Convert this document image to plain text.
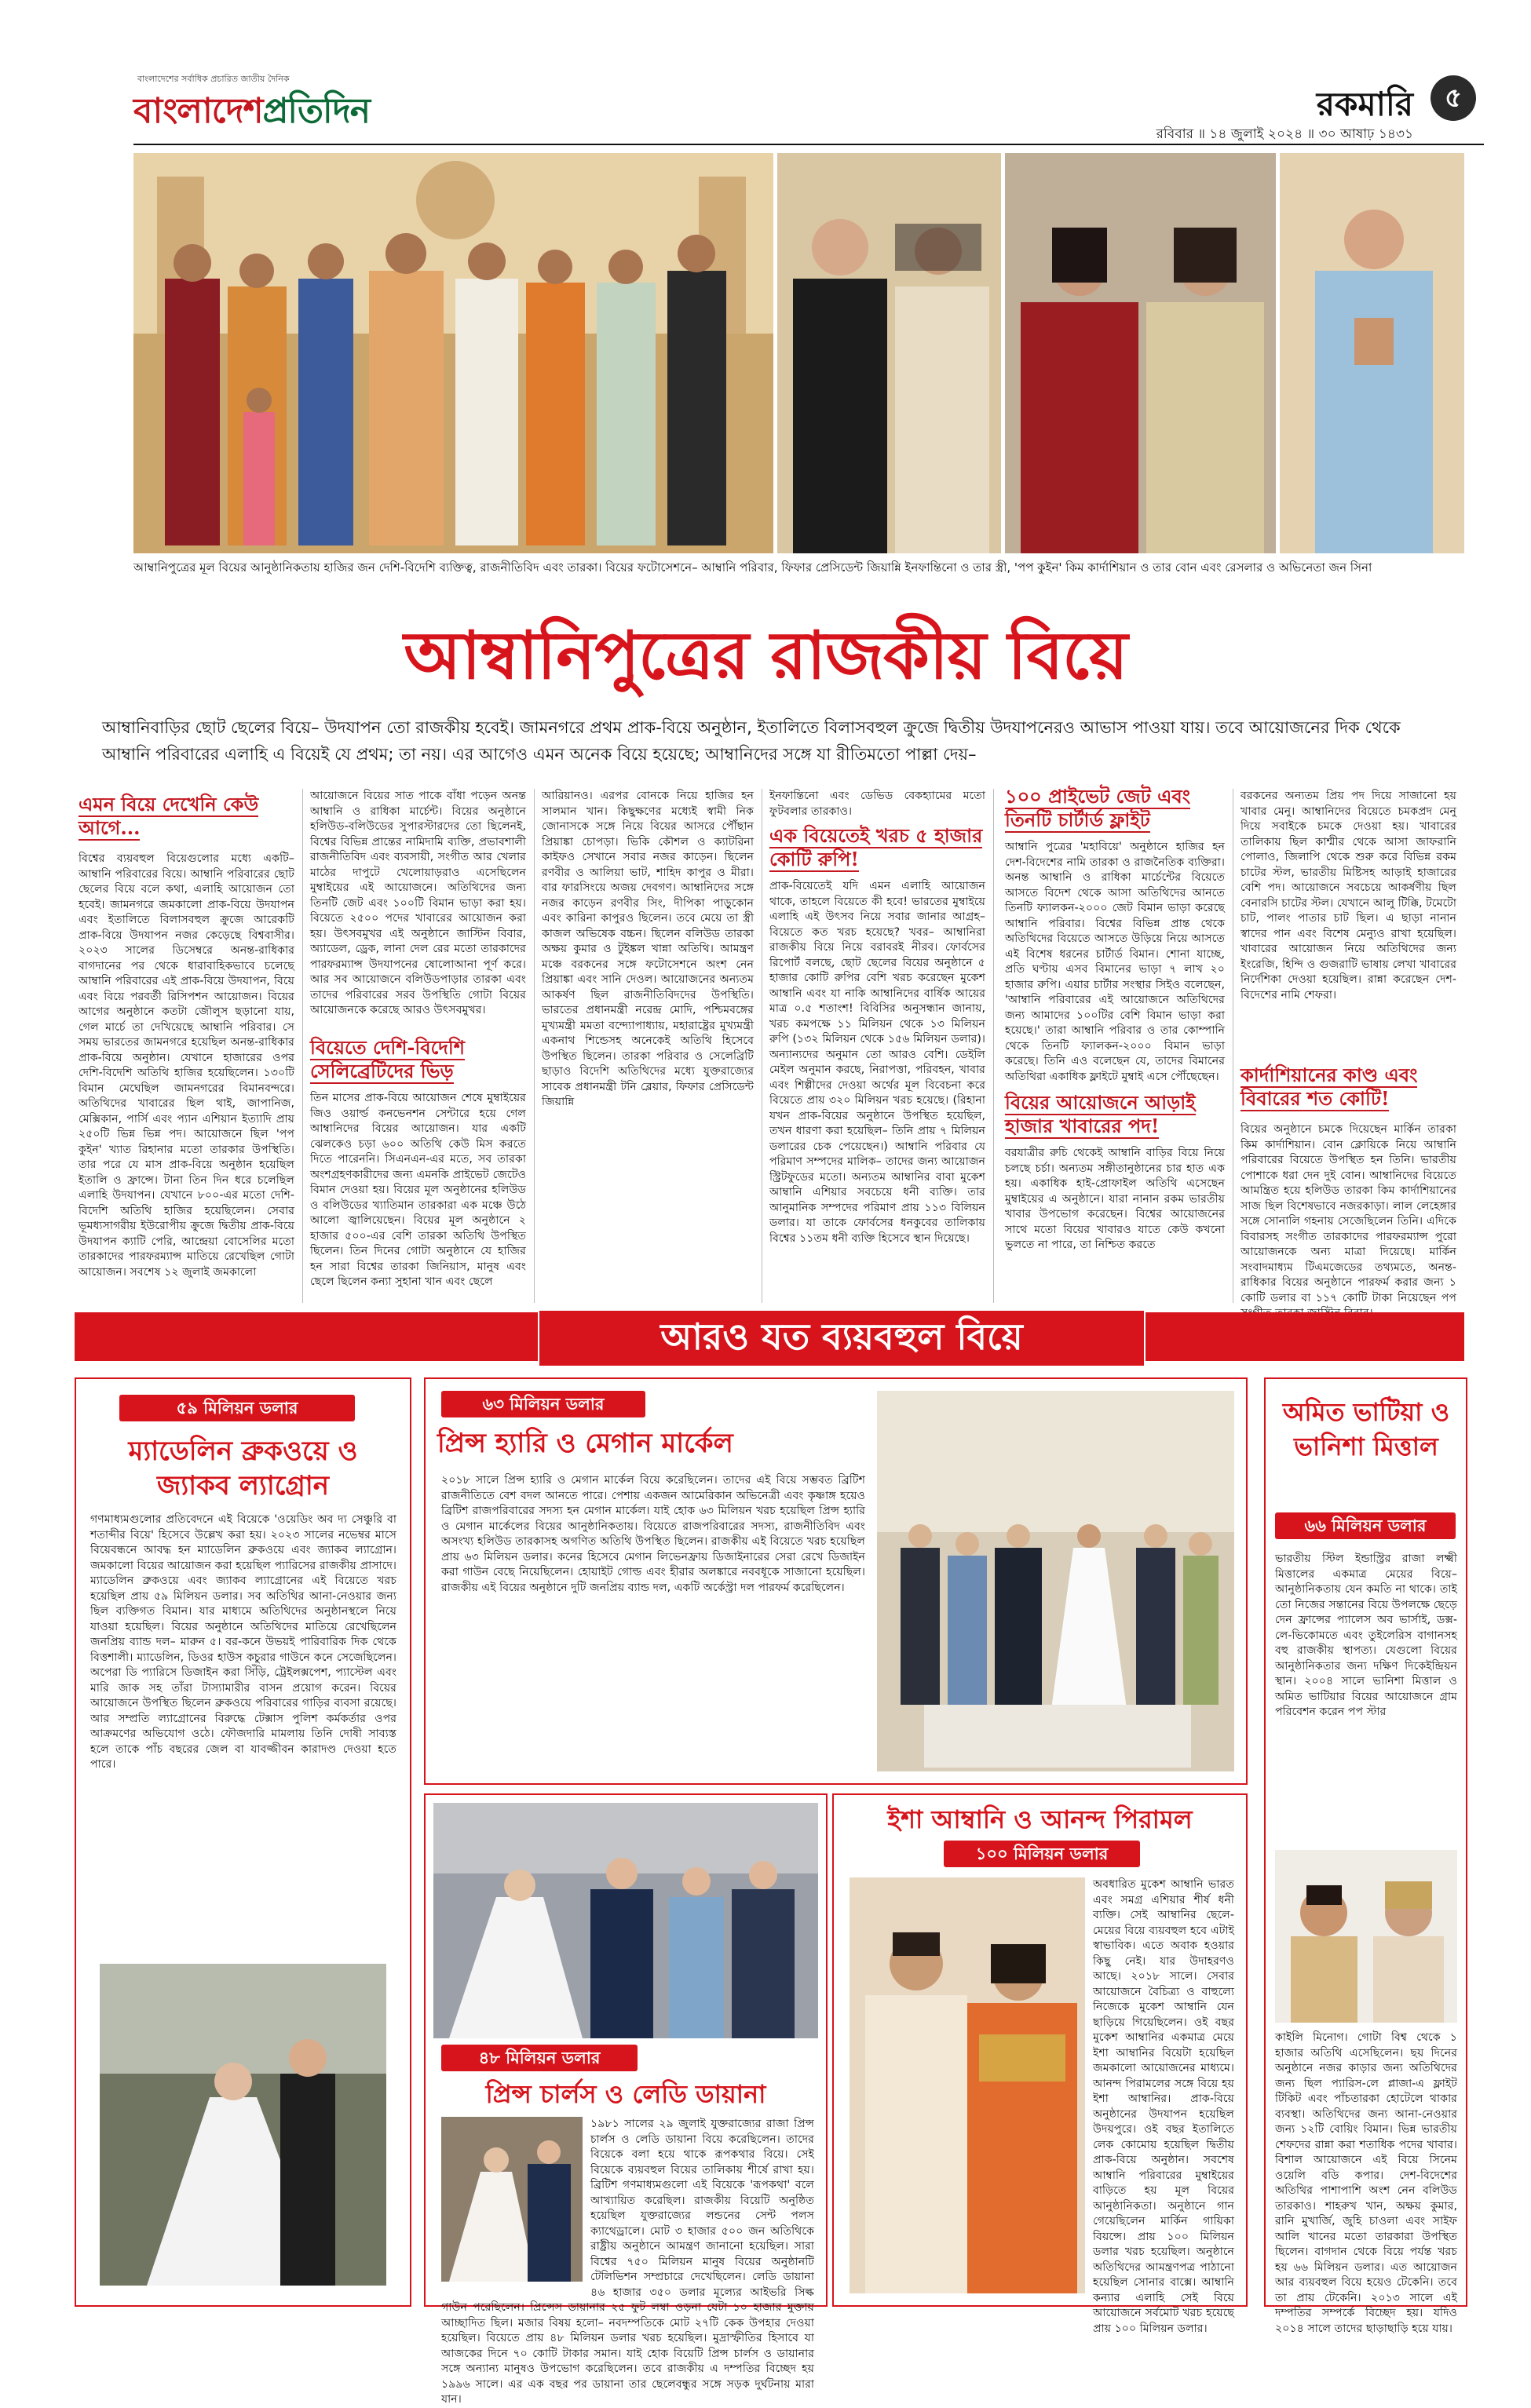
বাংলাদেশের সর্বাধিক প্রচারিত জাতীয় দৈনিক
বাংলাদেশপ্রতিদিন	রকমারি	৫
রবিবার ॥ ১৪ জুলাই ২০২৪ ॥ ৩০ আষাঢ় ১৪৩১
আম্বানিপুত্রের মূল বিয়ের আনুষ্ঠানিকতায় হাজির জন দেশি-বিদেশি ব্যক্তিত্ব, রাজনীতিবিদ এবং তারকা। বিয়ের ফটোসেশনে– আম্বানি পরিবার, ফিফার প্রেসিডেন্ট জিয়ান্নি ইনফান্তিনো ও তার স্ত্রী, 'পপ কুইন' কিম কার্দাশিয়ান ও তার বোন এবং রেসলার ও অভিনেতা জন সিনা
আম্বানিপুত্রের রাজকীয় বিয়ে
আম্বানিবাড়ির ছোট ছেলের বিয়ে– উদযাপন তো রাজকীয় হবেই। জামনগরে প্রথম প্রাক-বিয়ে অনুষ্ঠান, ইতালিতে বিলাসবহুল ক্রুজে দ্বিতীয় উদযাপনেরও আভাস পাওয়া যায়। তবে আয়োজনের দিক থেকে আম্বানি পরিবারের এলাহি এ বিয়েই যে প্রথম; তা নয়। এর আগেও এমন অনেক বিয়ে হয়েছে; আম্বানিদের সঙ্গে যা রীতিমতো পাল্লা দেয়–
এমন বিয়ে দেখেনি কেউ আগে...
বিশ্বের ব্যয়বহুল বিয়েগুলোর মধ্যে একটি– আম্বানি পরিবারের বিয়ে। আম্বানি পরিবারের ছোট ছেলের বিয়ে বলে কথা, এলাহি আয়োজন তো হবেই। জামনগরে জমকালো প্রাক-বিয়ে উদযাপন এবং ইতালিতে বিলাসবহুল ক্রুজে আরেকটি প্রাক-বিয়ে উদযাপন নজর কেড়েছে বিশ্ববাসীর। ২০২৩ সালের ডিসেম্বরে অনন্ত-রাধিকার বাগদানের পর থেকে ধারাবাহিকভাবে চলেছে আম্বানি পরিবারের এই প্রাক-বিয়ে উদযাপন, বিয়ে এবং বিয়ে পরবর্তী রিসিপশন আয়োজন। বিয়ের আগের অনুষ্ঠানে কতটা জৌলুস ছড়ানো যায়, গেল মার্চে তা দেখিয়েছে আম্বানি পরিবার। সে সময় ভারতের জামনগরে হয়েছিল অনন্ত-রাধিকার প্রাক-বিয়ে অনুষ্ঠান। যেখানে হাজারের ওপর দেশি-বিদেশি অতিথি হাজির হয়েছিলেন। ১৩০টি বিমান মেঘেছিল জামনগরের বিমানবন্দরে। অতিথিদের খাবারের ছিল থাই, জাপানিজ, মেক্সিকান, পার্সি এবং প্যান এশিয়ান ইত্যাদি প্রায় ২৫০টি ভিন্ন ভিন্ন পদ। আয়োজনে ছিল 'পপ কুইন' খ্যাত রিহানার মতো তারকার উপস্থিতি। তার পরে যে মাস প্রাক-বিয়ে অনুষ্ঠান হয়েছিল ইতালি ও ফ্রান্সে। টানা তিন দিন ধরে চলেছিল এলাহি উদযাপন। যেখানে ৮০০-এর মতো দেশি-বিদেশি অতিথি হাজির হয়েছিলেন। সেবার ভূমধ্যসাগরীয় ইউরোপীয় ক্রুজে দ্বিতীয় প্রাক-বিয়ে উদযাপন ক্যাটি পেরি, আন্দ্রেয়া বোসেলির মতো তারকাদের পারফরম্যান্স মাতিয়ে রেখেছিল গোটা আয়োজন। সবশেষ ১২ জুলাই জমকালো
আয়োজনে বিয়ের সাত পাকে বাঁধা পড়েন অনন্ত আম্বানি ও রাধিকা মার্চেন্ট। বিয়ের অনুষ্ঠানে হলিউড-বলিউডের সুপারস্টারদের তো ছিলেনই, বিশ্বের বিভিন্ন প্রান্তের নামিদামি ব্যক্তি, প্রভাবশালী রাজনীতিবিদ এবং ব্যবসায়ী, সংগীত আর খেলার মাঠের দাপুটে খেলোয়াড়রাও এসেছিলেন মুম্বাইয়ের এই আয়োজনে। অতিথিদের জন্য তিনটি জেট এবং ১০০টি বিমান ভাড়া করা হয়। বিয়েতে ২৫০০ পদের খাবারের আয়োজন করা হয়। উৎসবমুখর এই অনুষ্ঠানে জাস্টিন বিবার, অ্যাডেল, ড্রেক, লানা দেল রের মতো তারকাদের পারফরম্যান্স উদযাপনের ষোলোআনা পূর্ণ করে। আর সব আয়োজনে বলিউডপাড়ার তারকা এবং তাদের পরিবারের সরব উপস্থিতি গোটা বিয়ের আয়োজনকে করেছে আরও উৎসবমুখর।
বিয়েতে দেশি-বিদেশি সেলিব্রেটিদের ভিড়
তিন মাসের প্রাক-বিয়ে আয়োজন শেষে মুম্বাইয়ের জিও ওয়ার্ল্ড কনভেনশন সেন্টারে হয়ে গেল আম্বানিদের বিয়ের আয়োজন। যার একটি ঝেলকেও চড়া ৬০০ অতিথি কেউ মিস করতে দিতে পারেননি। সিএনএন-এর মতে, সব তারকা অংশগ্রহণকারীদের জন্য এমনকি প্রাইভেট জেটেও বিমান দেওয়া হয়। বিয়ের মূল অনুষ্ঠানের হলিউড ও বলিউডের খ্যাতিমান তারকারা এক মঞ্চে উঠে আলো জ্বালিয়েছেন। বিয়ের মূল অনুষ্ঠানে ২ হাজার ৫০০-এর বেশি তারকা অতিথি উপস্থিত ছিলেন। তিন দিনের গোটা অনুষ্ঠানে যে হাজির হন সারা বিশ্বের তারকা জিনিয়াস, মানুষ এবং ছেলে ছিলেন কন্যা সুহানা খান এবং ছেলে
আরিয়ানও। এরপর বোনকে নিয়ে হাজির হন সালমান খান। কিছুক্ষণের মধ্যেই স্বামী নিক জোনাসকে সঙ্গে নিয়ে বিয়ের আসরে পৌঁছান প্রিয়াঙ্কা চোপড়া। ভিকি কৌশল ও ক্যাটরিনা কাইফও সেখানে সবার নজর কাড়েন। ছিলেন রণবীর ও আলিয়া ভাট, শাহিদ কাপুর ও মীরা। বার ফারসিংয়ে অজয় দেবগণ। আম্বানিদের সঙ্গে নজর কাড়েন রণবীর সিং, দীপিকা পাড়ুকোন এবং কারিনা কাপুরও ছিলেন। তবে মেয়ে তা স্ত্রী কাজল অভিষেক বচ্চন। ছিলেন বলিউড তারকা অক্ষয় কুমার ও টুইঙ্কল খান্না অতিথি। আমন্ত্রণ মঞ্চে বরকনের সঙ্গে ফটোসেশনে অংশ নেন প্রিয়াঙ্কা এবং সানি দেওল। আয়োজনের অন্যতম আকর্ষণ ছিল রাজনীতিবিদদের উপস্থিতি। ভারতের প্রধানমন্ত্রী নরেন্দ্র মোদি, পশ্চিমবঙ্গের মুখ্যমন্ত্রী মমতা বন্দ্যোপাধ্যায়, মহারাষ্ট্রের মুখ্যমন্ত্রী একনাথ শিন্ডেসহ অনেকেই অতিথি হিসেবে উপস্থিত ছিলেন। তারকা পরিবার ও সেলেব্রিটি ছাড়াও বিদেশি অতিথিদের মধ্যে যুক্তরাজ্যের সাবেক প্রধানমন্ত্রী টনি ব্লেয়ার, ফিফার প্রেসিডেন্ট জিয়ান্নি
ইনফান্তিনো এবং ডেভিড বেকহ্যামের মতো ফুটবলার তারকাও।
এক বিয়েতেই খরচ ৫ হাজার কোটি রুপি!
প্রাক-বিয়েতেই যদি এমন এলাহি আয়োজন থাকে, তাহলে বিয়েতে কী হবে! ভারতের মুম্বাইয়ে এলাহি এই উৎসব নিয়ে সবার জানার আগ্রহ– বিয়েতে কত খরচ হয়েছে? খবর– আম্বানিরা রাজকীয় বিয়ে নিয়ে বরাবরই নীরব। ফোর্বসের রিপোর্ট বলছে, ছোট ছেলের বিয়ের অনুষ্ঠানে ৫ হাজার কোটি রুপির বেশি খরচ করেছেন মুকেশ আম্বানি এবং যা নাকি আম্বানিদের বার্ষিক আয়ের মাত্র ০.৫ শতাংশ! বিবিসির অনুসন্ধান জানায়, খরচ কমপক্ষে ১১ মিলিয়ন থেকে ১৩ মিলিয়ন রুপি (১৩২ মিলিয়ন থেকে ১৫৬ মিলিয়ন ডলার)। অন্যান্যদের অনুমান তো আরও বেশি। ডেইলি মেইল অনুমান করছে, নিরাপত্তা, পরিবহন, খাবার এবং শিল্পীদের দেওয়া অর্থের মূল বিবেচনা করে বিয়েতে প্রায় ৩২০ মিলিয়ন খরচ হয়েছে। (রিহানা যখন প্রাক-বিয়ের অনুষ্ঠানে উপস্থিত হয়েছিল, তখন ধারণা করা হয়েছিল– তিনি প্রায় ৭ মিলিয়ন ডলারের চেক পেয়েছেন।) আম্বানি পরিবার যে পরিমাণ সম্পদের মালিক– তাদের জন্য আয়োজন স্ট্রিটফুডের মতো। অন্যতম আম্বানির বাবা মুকেশ আম্বানি এশিয়ার সবচেয়ে ধনী ব্যক্তি। তার আনুমানিক সম্পদের পরিমাণ প্রায় ১১৩ বিলিয়ন ডলার। যা তাকে ফোর্বসের ধনকুবের তালিকায় বিশ্বের ১১তম ধনী ব্যক্তি হিসেবে স্থান দিয়েছে।
১০০ প্রাইভেট জেট এবং তিনটি চার্টার্ড ফ্লাইট
আম্বানি পুত্রের 'মহাবিয়ে' অনুষ্ঠানে হাজির হন দেশ-বিদেশের নামি তারকা ও রাজনৈতিক ব্যক্তিরা। অনন্ত আম্বানি ও রাধিকা মার্চেন্টের বিয়েতে আসতে বিদেশ থেকে আসা অতিথিদের আনতে তিনটি ফ্যালকন-২০০০ জেট বিমান ভাড়া করেছে আম্বানি পরিবার। বিশ্বের বিভিন্ন প্রান্ত থেকে অতিথিদের বিয়েতে আসতে উড়িয়ে নিয়ে আসতে এই বিশেষ ধরনের চার্টার্ড বিমান। শোনা যাচ্ছে, প্রতি ঘণ্টায় এসব বিমানের ভাড়া ৭ লাখ ২০ হাজার রুপি। এয়ার চার্টার সংস্থার সিইও বলেছেন, 'আম্বানি পরিবারের এই আয়োজনে অতিথিদের জন্য আমাদের ১০০টির বেশি বিমান ভাড়া করা হয়েছে।' তারা আম্বানি পরিবার ও তার কোম্পানি থেকে তিনটি ফ্যালকন-২০০০ বিমান ভাড়া করেছে। তিনি এও বলেছেন যে, তাদের বিমানের অতিথিরা একাধিক ফ্লাইটে মুম্বাই এসে পৌঁছেছেন।
বিয়ের আয়োজনে আড়াই হাজার খাবারের পদ!
বরযাত্রীর রুচি থেকেই আম্বানি বাড়ির বিয়ে নিয়ে চলছে চর্চা। অন্যতম সঙ্গীতানুষ্ঠানের চার হাত এক হয়। একাধিক হাই-প্রোফাইল অতিথি এসেছেন মুম্বাইয়ের এ অনুষ্ঠানে। যারা নানান রকম ভারতীয় খাবার উপভোগ করেছেন। বিশ্বের আয়োজনের সাথে মতো বিয়ের খাবারও যাতে কেউ কখনো ভুলতে না পারে, তা নিশ্চিত করতে
বরকনের অন্যতম প্রিয় পদ দিয়ে সাজানো হয় খাবার মেনু। আম্বানিদের বিয়েতে চমকপ্রদ মেনু দিয়ে সবাইকে চমকে দেওয়া হয়। খাবারের তালিকায় ছিল কাশ্মীর থেকে আসা জাফরানি পোলাও, জিলাপি থেকে শুরু করে বিভিন্ন রকম চাটের স্টল, ভারতীয় মিষ্টিসহ আড়াই হাজারের বেশি পদ। আয়োজনে সবচেয়ে আকর্ষণীয় ছিল বেনারসি চাটের স্টল। যেখানে আলু টিক্কি, টমেটো চাট, পালং পাতার চাট ছিল। এ ছাড়া নানান স্বাদের পান এবং বিশেষ মেন্যুও রাখা হয়েছিল। খাবারের আয়োজন নিয়ে অতিথিদের জন্য ইংরেজি, হিন্দি ও গুজরাটি ভাষায় লেখা খাবারের নির্দেশিকা দেওয়া হয়েছিল। রান্না করেছেন দেশ-বিদেশের নামি শেফরা।
কার্দাশিয়ানের কাণ্ড এবং বিবারের শত কোটি!
বিয়ের অনুষ্ঠানে চমকে দিয়েছেন মার্কিন তারকা কিম কার্দাশিয়ান। বোন ক্লোয়িকে নিয়ে আম্বানি পরিবারের বিয়েতে উপস্থিত হন তিনি। ভারতীয় পোশাকে ধরা দেন দুই বোন। আম্বানিদের বিয়েতে আমন্ত্রিত হয়ে হলিউড তারকা কিম কার্দাশিয়ানের সাজ ছিল বিশেষভাবে নজরকাড়া। লাল লেহেঙ্গার সঙ্গে সোনালি গহনায় সেজেছিলেন তিনি। এদিকে বিবারসহ সংগীত তারকাদের পারফরম্যান্স পুরো আয়োজনকে অন্য মাত্রা দিয়েছে। মার্কিন সংবাদমাধ্যম টিএমজেডের তথ্যমতে, অনন্ত-রাধিকার বিয়ের অনুষ্ঠানে পারফর্ম করার জন্য ১ কোটি ডলার বা ১১৭ কোটি টাকা নিয়েছেন পপ
আরও যত ব্যয়বহুল বিয়ে
৫৯ মিলিয়ন ডলার
ম্যাডেলিন ব্রুকওয়ে ও জ্যাকব ল্যাগ্রোন
গণমাধ্যমগুলোর প্রতিবেদনে এই বিয়েকে 'ওয়েডিং অব দ্য সেঞ্চুরি বা শতাব্দীর বিয়ে' হিসেবে উল্লেখ করা হয়। ২০২৩ সালের নভেম্বর মাসে বিয়েবন্ধনে আবদ্ধ হন ম্যাডেলিন ব্রুকওয়ে এবং জ্যাকব ল্যাগ্রোন। জমকালো বিয়ের আয়োজন করা হয়েছিল প্যারিসের রাজকীয় প্রাসাদে। ম্যাডেলিন ব্রুকওয়ে এবং জ্যাকব ল্যাগ্রোনের এই বিয়েতে খরচ হয়েছিল প্রায় ৫৯ মিলিয়ন ডলার। সব অতিথির আনা-নেওয়ার জন্য ছিল ব্যক্তিগত বিমান। যার মাধ্যমে অতিথিদের অনুষ্ঠানস্থলে নিয়ে যাওয়া হয়েছিল। বিয়ের অনুষ্ঠানে অতিথিদের মাতিয়ে রেখেছিলেন জনপ্রিয় ব্যান্ড দল– মারুন ৫। বর-কনে উভয়ই পারিবারিক দিক থেকে বিত্তশালী। ম্যাডেলিন, ডিওর হাউস কচুরার গাউনে কনে সেজেছিলেন। অপেরা ডি প্যারিসে ডিজাইন করা সিঁড়ি, ট্রেইলক্সপেশ, প্যাস্টেল এবং মারি জাক সহ তাঁরা টাস্যামারীর বাসন প্রয়োগ করেন। বিয়ের আয়োজনে উপস্থিত ছিলেন ব্রুকওয়ে পরিবারের গাড়ির ব্যবসা রয়েছে। আর সম্প্রতি ল্যাগ্রোনের বিরুদ্ধে টেক্সাস পুলিশ কর্মকর্তার ওপর আক্রমণের অভিযোগ ওঠে। ফৌজদারি মামলায় তিনি দোষী সাব্যস্ত হলে তাকে পাঁচ বছরের জেল বা যাবজ্জীবন কারাদণ্ড দেওয়া হতে পারে।
৬৩ মিলিয়ন ডলার
প্রিন্স হ্যারি ও মেগান মার্কেল
২০১৮ সালে প্রিন্স হ্যারি ও মেগান মার্কেল বিয়ে করেছিলেন। তাদের এই বিয়ে সম্ভবত ব্রিটিশ রাজনীতিতে বেশ বদল আনতে পারে। পেশায় একজন আমেরিকান অভিনেত্রী এবং কৃষ্ণাঙ্গ হয়েও ব্রিটিশ রাজপরিবারের সদস্য হন মেগান মার্কেল। যাই হোক ৬৩ মিলিয়ন খরচ হয়েছিল প্রিন্স হ্যারি ও মেগান মার্কেলের বিয়ের আনুষ্ঠানিকতায়। বিয়েতে রাজপরিবারের সদস্য, রাজনীতিবিদ এবং অসংখ্য হলিউড তারকাসহ অগণিত অতিথি উপস্থিত ছিলেন। রাজকীয় এই বিয়েতে খরচ হয়েছিল প্রায় ৬৩ মিলিয়ন ডলার। কনের হিসেবে মেগান লিভেনফ্রায় ডিজাইনারের সেরা রেখে ডিজাইন করা গাউন বেছে নিয়েছিলেন। হোয়াইট গোল্ড এবং হীরার অলঙ্কারে নববধূকে সাজানো হয়েছিল। রাজকীয় এই বিয়ের অনুষ্ঠানে দুটি জনপ্রিয় ব্যান্ড দল, একটি অর্কেস্ট্রা দল পারফর্ম করেছিলেন।
৪৮ মিলিয়ন ডলার
প্রিন্স চার্লস ও লেডি ডায়ানা
১৯৮১ সালের ২৯ জুলাই যুক্তরাজ্যের রাজা প্রিন্স চার্লস ও লেডি ডায়ানা বিয়ে করেছিলেন। তাদের বিয়েকে বলা হয়ে থাকে রূপকথার বিয়ে। সেই বিয়েকে ব্যয়বহুল বিয়ের তালিকায় শীর্ষে রাখা হয়। ব্রিটিশ গণমাধ্যমগুলো এই বিয়েকে 'রূপকথা' বলে আখ্যায়িত করেছিল। রাজকীয় বিয়েটি অনুষ্ঠিত হয়েছিল যুক্তরাজ্যের লন্ডনের সেন্ট পলস ক্যাথেড্রালে। মোট ৩ হাজার ৫০০ জন অতিথিকে রাষ্ট্রীয় অনুষ্ঠানে আমন্ত্রণ জানানো হয়েছিল। সারা বিশ্বের ৭৫০ মিলিয়ন মানুষ বিয়ের অনুষ্ঠানটি টেলিভিশন সম্প্রচারে দেখেছিলেন। লেডি ডায়ানা ৪৬ হাজার ৩৫০ ডলার মূল্যের আইভরি সিল্ক গাউন পরেছিলেন। প্রিন্সেস ডায়ানার ২৫ ফুট লম্বা ওড়না যেটা ১০ হাজার মুক্তায় আচ্ছাদিত ছিল। মজার বিষয় হলো– নবদম্পতিকে মোট ২৭টি কেক উপহার দেওয়া হয়েছিল। বিয়েতে প্রায় ৪৮ মিলিয়ন ডলার খরচ হয়েছিল। মুদ্রাস্ফীতির হিসাবে যা আজকের দিনে ৭০ কোটি টাকার সমান। যাই হোক বিয়েটি প্রিন্স চার্লস ও ডায়ানার সঙ্গে অন্যান্য মানুষও উপভোগ করেছিলেন। তবে রাজকীয় এ দম্পতির বিচ্ছেদ হয় ১৯৯৬ সালে। এর এক বছর পর ডায়ানা তার ছেলেবন্ধুর সঙ্গে সড়ক দুর্ঘটনায় মারা যান।
ইশা আম্বানি ও আনন্দ পিরামল
১০০ মিলিয়ন ডলার
অবধারিত মুকেশ আম্বানি ভারত এবং সমগ্র এশিয়ার শীর্ষ ধনী ব্যক্তি। সেই আম্বানির ছেলে-মেয়ের বিয়ে ব্যয়বহুল হবে এটাই স্বাভাবিক। এতে অবাক হওয়ার কিছু নেই। যার উদাহরণও আছে। ২০১৮ সালে। সেবার আয়োজনে বৈচিত্র্য ও বাহুল্যে নিজেকে মুকেশ আম্বানি যেন ছাড়িয়ে গিয়েছিলেন। ওই বছর মুকেশ আম্বানির একমাত্র মেয়ে ইশা আম্বানির বিয়েটা হয়েছিল জমকালো আয়োজনের মাধ্যমে। আনন্দ পিরামলের সঙ্গে বিয়ে হয় ইশা আম্বানির। প্রাক-বিয়ে অনুষ্ঠানের উদযাপন হয়েছিল উদয়পুরে। ওই বছর ইতালিতে লেক কোমোয় হয়েছিল দ্বিতীয় প্রাক-বিয়ে অনুষ্ঠান। সবশেষ আম্বানি পরিবারের মুম্বাইয়ের বাড়িতে হয় মূল বিয়ের আনুষ্ঠানিকতা। অনুষ্ঠানে গান গেয়েছিলেন মার্কিন গায়িকা বিয়ন্সে। প্রায় ১০০ মিলিয়ন ডলার খরচ হয়েছিল। অনুষ্ঠানে অতিথিদের আমন্ত্রণপত্র পাঠানো হয়েছিল সোনার বাক্সে। আম্বানি কন্যার এলাহি সেই বিয়ে আয়োজনে সর্বমোট খরচ হয়েছে প্রায় ১০০ মিলিয়ন ডলার।
অমিত ভাটিয়া ও ভানিশা মিত্তাল
৬৬ মিলিয়ন ডলার
ভারতীয় স্টিল ইন্ডাস্ট্রির রাজা লক্ষ্মী মিত্তালের একমাত্র মেয়ের বিয়ে– আনুষ্ঠানিকতায় যেন কমতি না থাকে। তাই তো নিজের সন্তানের বিয়ে উপলক্ষে ছেড়ে দেন ফ্রান্সের প্যালেস অব ভার্সাই, ডক্স-লে-ভিকোমতে এবং তুইলেরিস বাগানসহ বহু রাজকীয় স্থাপত্য। যেগুলো বিয়ের আনুষ্ঠানিকতার জন্য দক্ষিণ দিকেইন্দ্রিয়ন স্থান। ২০০৪ সালে ভানিশা মিত্তাল ও অমিত ভাটিয়ার বিয়ের আয়োজনে গ্রাম পরিবেশন করেন পপ স্টার
কাইলি মিনোগ। গোটা বিশ্ব থেকে ১ হাজার অতিথি এসেছিলেন। ছয় দিনের অনুষ্ঠানে নজর কাড়ার জন্য অতিথিদের জন্য ছিল প্যারিস-লে প্লাজা-এ ফ্লাইট টিকিট এবং পাঁচতারকা হোটেলে থাকার ব্যবস্থা। অতিথিদের জন্য আনা-নেওয়ার জন্য ১২টি বোয়িং বিমান। ভিন্ন ভারতীয় শেফদের রান্না করা শতাধিক পদের খাবার। বিশাল আয়োজনে এই বিয়ে সিনেম ওয়েলি বডি কপার। দেশ-বিদেশের অতিথির পাশাপাশি অংশ নেন বলিউড তারকাও। শাহরুখ খান, অক্ষয় কুমার, রানি মুখার্জি, জুহি চাওলা এবং সাইফ আলি খানের মতো তারকারা উপস্থিত ছিলেন। বাগদান থেকে বিয়ে পর্যন্ত খরচ হয় ৬৬ মিলিয়ন ডলার। এত আয়োজন আর ব্যয়বহুল বিয়ে হয়েও টেকেনি। তবে তা প্রায় টেকেনি। ২০১৩ সালে এই দম্পতির সম্পর্কে বিচ্ছেদ হয়। যদিও ২০১৪ সালে তাদের ছাড়াছাড়ি হয়ে যায়।
